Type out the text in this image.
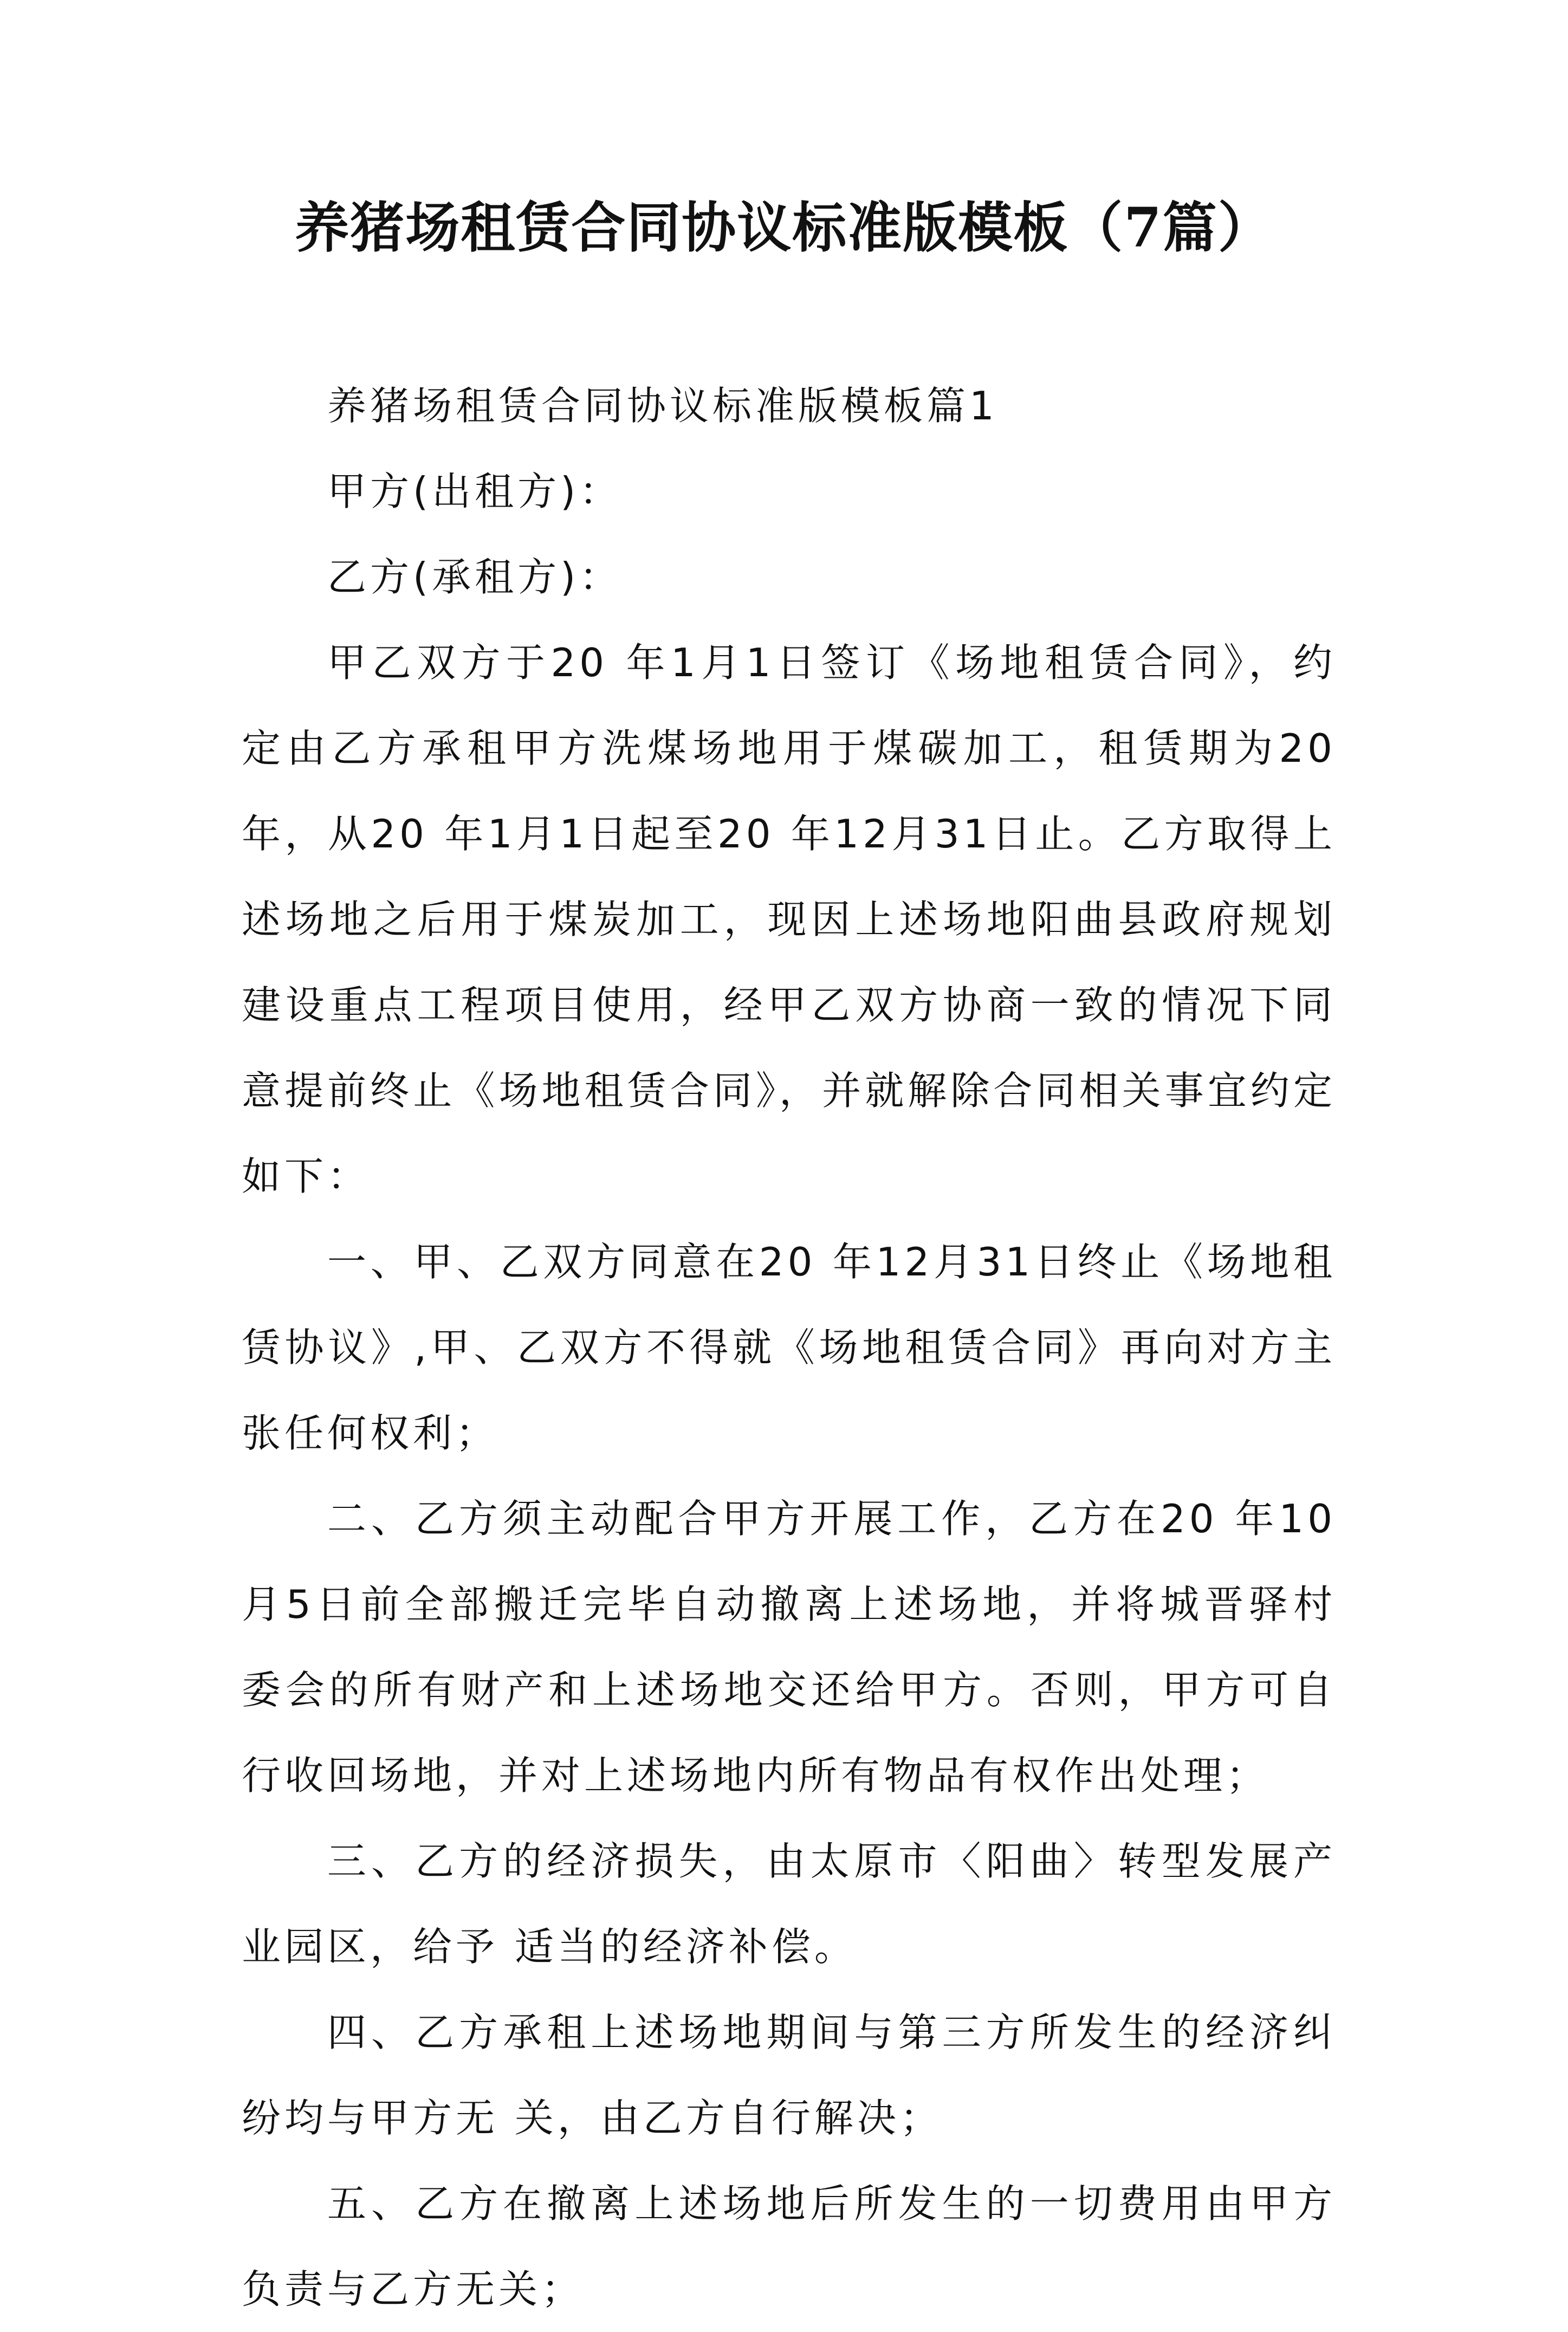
养猪场租赁合同协议标准版模板（7篇）

养猪场租赁合同协议标准版模板篇1

甲方(出租方)：

乙方(承租方)：

甲乙双方于20 年1月1日签订《场地租赁合同》，约定由乙方承租甲方洗煤场地用于煤碳加工，租赁期为20年，从20 年1月1日起至20 年12月31日止。乙方取得上述场地之后用于煤炭加工，现因上述场地阳曲县政府规划建设重点工程项目使用，经甲乙双方协商一致的情况下同意提前终止《场地租赁合同》，并就解除合同相关事宜约定如下：

一、甲、乙双方同意在20 年12月31日终止《场地租赁协议》,甲、乙双方不得就《场地租赁合同》再向对方主张任何权利；

二、乙方须主动配合甲方开展工作，乙方在20 年10月5日前全部搬迁完毕自动撤离上述场地，并将城晋驿村委会的所有财产和上述场地交还给甲方。否则，甲方可自行收回场地，并对上述场地内所有物品有权作出处理；

三、乙方的经济损失，由太原市〈阳曲〉转型发展产业园区，给予 适当的经济补偿。

四、乙方承租上述场地期间与第三方所发生的经济纠纷均与甲方无 关，由乙方自行解决；

五、乙方在撤离上述场地后所发生的一切费用由甲方负责与乙方无关；
